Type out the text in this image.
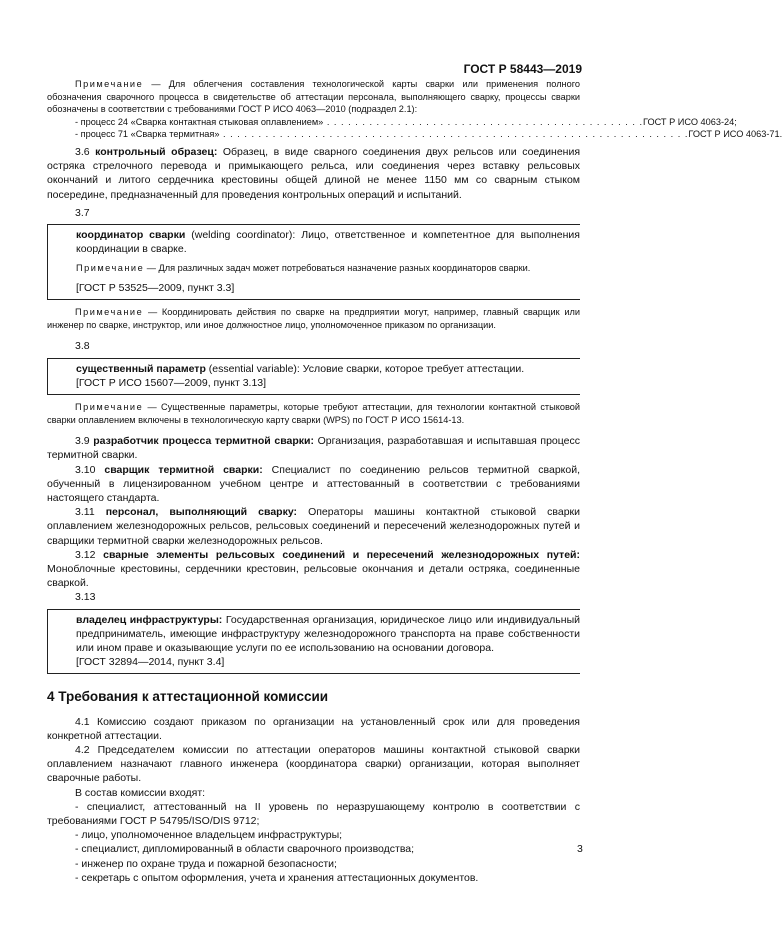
ГОСТ Р 58443—2019

Примечание — Для облегчения составления технологической карты сварки или применения полного обозначения сварочного процесса в свидетельстве об аттестации персонала, выполняющего сварку, процессы сварки обозначены в соответствии с требованиями ГОСТ Р ИСО 4063—2010 (подраздел 2.1):

- процесс 24 «Сварка контактная стыковая оплавлением» . . . . . . . . . . . . . . . . . . . . . . . . . . . . . . . . . . . . . . . . . . . . . ГОСТ Р ИСО 4063-24;
- процесс 71 «Сварка термитная» . . . . . . . . . . . . . . . . . . . . . . . . . . . . . . . . . . . . . . . . . . . . . . . . . . . . . . . . . . . . . . . . . . ГОСТ Р ИСО 4063-71.

3.6 контрольный образец: Образец, в виде сварного соединения двух рельсов или соединения остряка стрелочного перевода и примыкающего рельса, или соединения через вставку рельсовых окончаний и литого сердечника крестовины общей длиной не менее 1150 мм со сварным стыком посередине, предназначенный для проведения контрольных операций и испытаний.

3.7

координатор сварки (welding coordinator): Лицо, ответственное и компетентное для выполнения координации в сварке.

Примечание — Для различных задач может потребоваться назначение разных координаторов сварки.

[ГОСТ Р 53525—2009, пункт 3.3]

Примечание — Координировать действия по сварке на предприятии могут, например, главный сварщик или инженер по сварке, инструктор, или иное должностное лицо, уполномоченное приказом по организации.

3.8

существенный параметр (essential variable): Условие сварки, которое требует аттестации.

[ГОСТ Р ИСО 15607—2009, пункт 3.13]

Примечание — Существенные параметры, которые требуют аттестации, для технологии контактной стыковой сварки оплавлением включены в технологическую карту сварки (WPS) по ГОСТ Р ИСО 15614-13.

3.9 разработчик процесса термитной сварки: Организация, разработавшая и испытавшая процесс термитной сварки.

3.10 сварщик термитной сварки: Специалист по соединению рельсов термитной сваркой, обученный в лицензированном учебном центре и аттестованный в соответствии с требованиями настоящего стандарта.

3.11 персонал, выполняющий сварку: Операторы машины контактной стыковой сварки оплавлением железнодорожных рельсов, рельсовых соединений и пересечений железнодорожных путей и сварщики термитной сварки железнодорожных рельсов.

3.12 сварные элементы рельсовых соединений и пересечений железнодорожных путей: Моноблочные крестовины, сердечники крестовин, рельсовые окончания и детали остряка, соединенные сваркой.

3.13

владелец инфраструктуры: Государственная организация, юридическое лицо или индивидуальный предприниматель, имеющие инфраструктуру железнодорожного транспорта на праве собственности или ином праве и оказывающие услуги по ее использованию на основании договора.

[ГОСТ 32894—2014, пункт 3.4]

4 Требования к аттестационной комиссии

4.1 Комиссию создают приказом по организации на установленный срок или для проведения конкретной аттестации.

4.2 Председателем комиссии по аттестации операторов машины контактной стыковой сварки оплавлением назначают главного инженера (координатора сварки) организации, которая выполняет сварочные работы.

В состав комиссии входят:

- специалист, аттестованный на II уровень по неразрушающему контролю в соответствии с требованиями ГОСТ Р 54795/ISO/DIS 9712;

- лицо, уполномоченное владельцем инфраструктуры;

- специалист, дипломированный в области сварочного производства;

- инженер по охране труда и пожарной безопасности;

- секретарь с опытом оформления, учета и хранения аттестационных документов.

3
